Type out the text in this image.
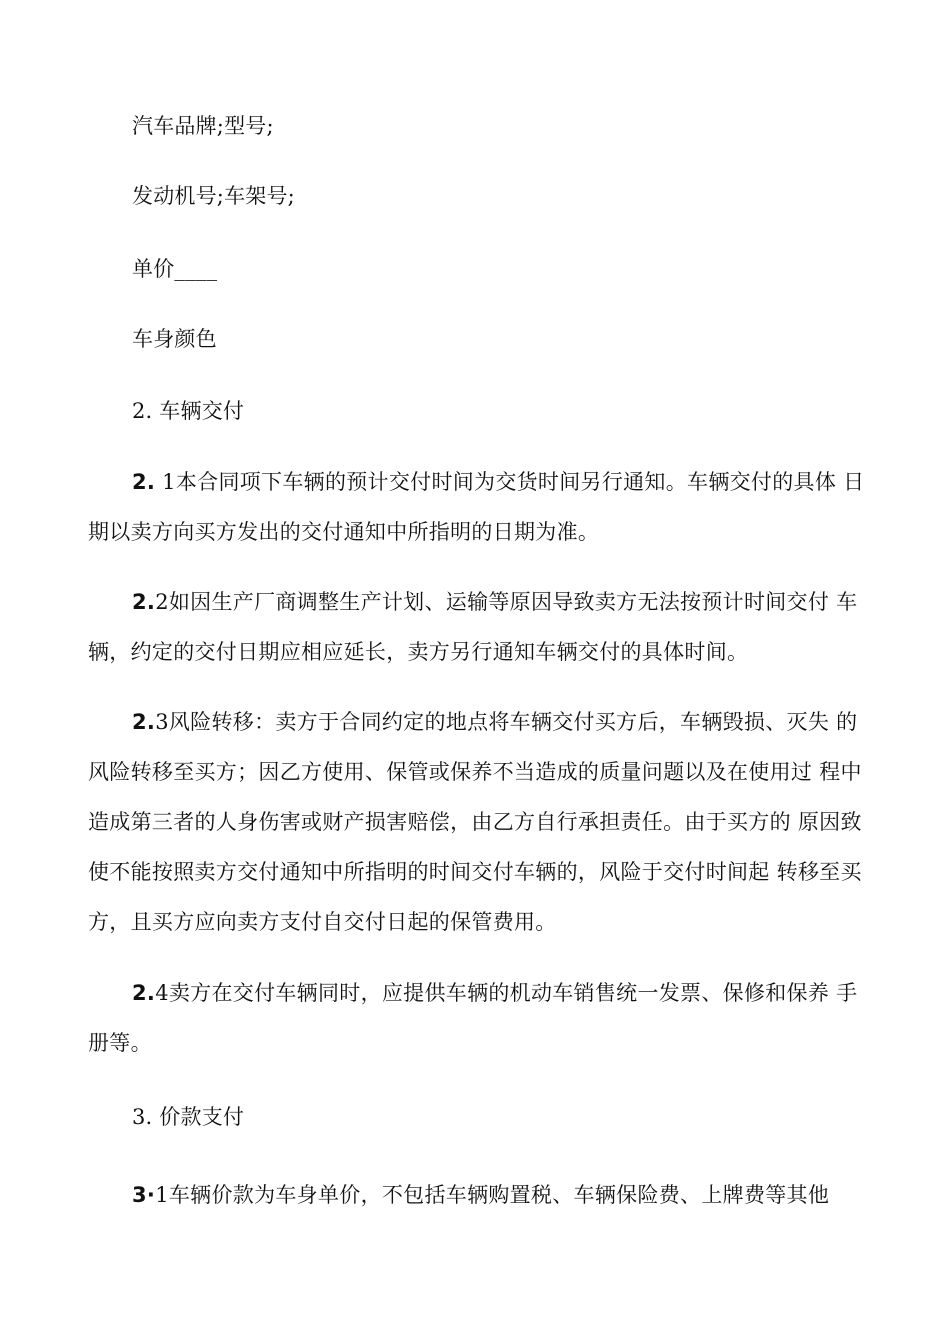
汽车品牌;型号;
发动机号;车架号;
单价____
车身颜色
2. 车辆交付
2. 1本合同项下车辆的预计交付时间为交货时间另行通知。车辆交付的具体 日
期以卖方向买方发出的交付通知中所指明的日期为准。
2.2如因生产厂商调整生产计划、运输等原因导致卖方无法按预计时间交付 车
辆，约定的交付日期应相应延长，卖方另行通知车辆交付的具体时间。
2.3风险转移：卖方于合同约定的地点将车辆交付买方后，车辆毁损、灭失 的
风险转移至买方；因乙方使用、保管或保养不当造成的质量问题以及在使用过 程中
造成第三者的人身伤害或财产损害赔偿，由乙方自行承担责任。由于买方的 原因致
使不能按照卖方交付通知中所指明的时间交付车辆的，风险于交付时间起 转移至买
方，且买方应向卖方支付自交付日起的保管费用。
2.4卖方在交付车辆同时，应提供车辆的机动车销售统一发票、保修和保养 手
册等。
3. 价款支付
3·1车辆价款为车身单价，不包括车辆购置税、车辆保险费、上牌费等其他
